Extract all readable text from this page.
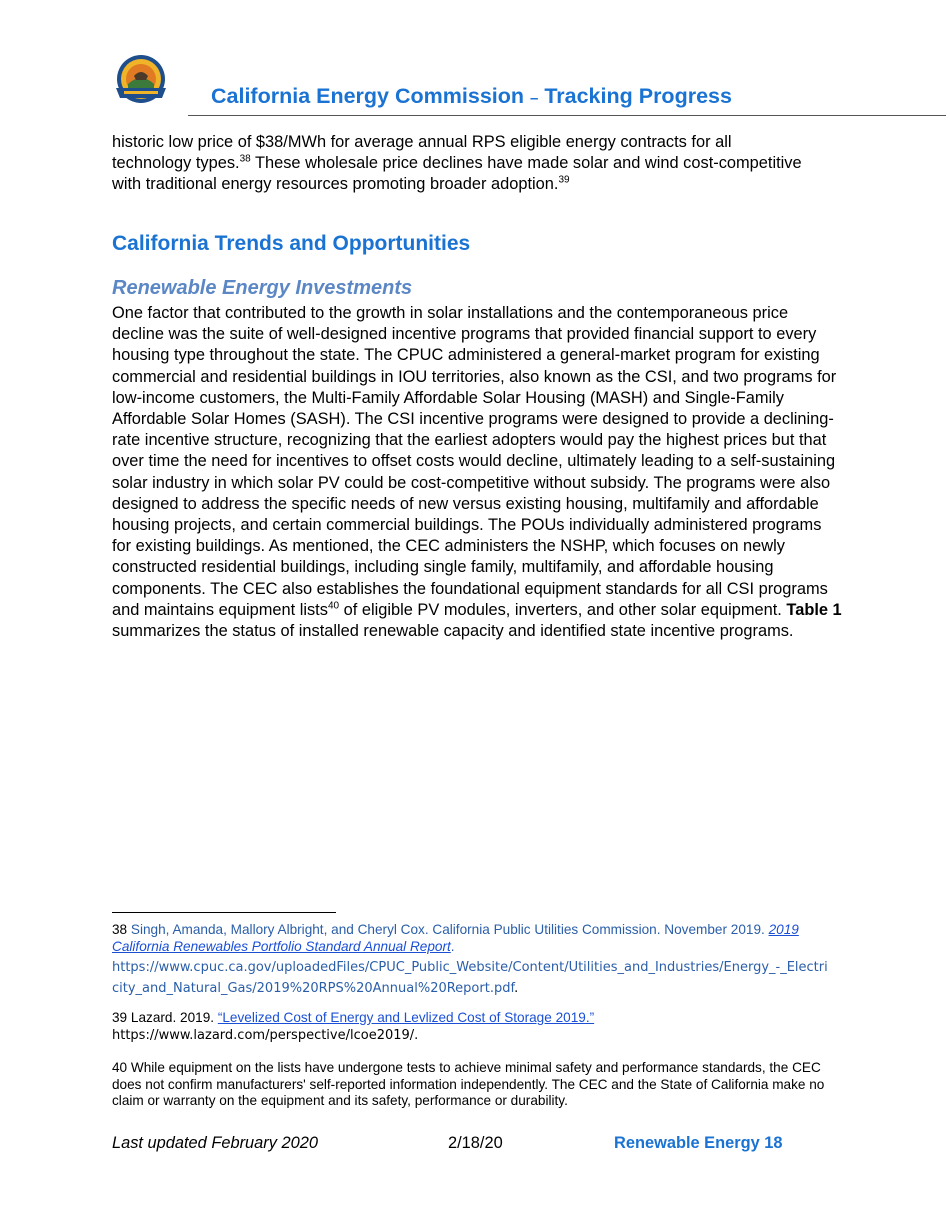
California Energy Commission – Tracking Progress
historic low price of $38/MWh for average annual RPS eligible energy contracts for all
technology types.$^{38}$ These wholesale price declines have made solar and wind cost-competitive
with traditional energy resources promoting broader adoption.$^{39}$
California Trends and Opportunities
Renewable Energy Investments
One factor that contributed to the growth in solar installations and the contemporaneous price decline was the suite of well-designed incentive programs that provided financial support to every housing type throughout the state. The CPUC administered a general-market program for existing commercial and residential buildings in IOU territories, also known as the CSI, and two programs for low-income customers, the Multi-Family Affordable Solar Housing (MASH) and Single-Family Affordable Solar Homes (SASH). The CSI incentive programs were designed to provide a declining-rate incentive structure, recognizing that the earliest adopters would pay the highest prices but that over time the need for incentives to offset costs would decline, ultimately leading to a self-sustaining solar industry in which solar PV could be cost-competitive without subsidy. The programs were also designed to address the specific needs of new versus existing housing, multifamily and affordable housing projects, and certain commercial buildings. The POUs individually administered programs for existing buildings. As mentioned, the CEC administers the NSHP, which focuses on newly constructed residential buildings, including single family, multifamily, and affordable housing components. The CEC also establishes the foundational equipment standards for all CSI programs and maintains equipment lists$^{40}$ of eligible PV modules, inverters, and other solar equipment. Table 1 summarizes the status of installed renewable capacity and identified state incentive programs.
38 Singh, Amanda, Mallory Albright, and Cheryl Cox. California Public Utilities Commission. November 2019. 2019 California Renewables Portfolio Standard Annual Report.
https://www.cpuc.ca.gov/uploadedFiles/CPUC_Public_Website/Content/Utilities_and_Industries/Energy_-_Electricity_and_Natural_Gas/2019%20RPS%20Annual%20Report.pdf.
39 Lazard. 2019. “Levelized Cost of Energy and Levlized Cost of Storage 2019.”
https://www.lazard.com/perspective/lcoe2019/.
40 While equipment on the lists have undergone tests to achieve minimal safety and performance standards, the CEC does not confirm manufacturers' self-reported information independently. The CEC and the State of California make no claim or warranty on the equipment and its safety, performance or durability.
Last updated February 2020	2/18/20	Renewable Energy 18
